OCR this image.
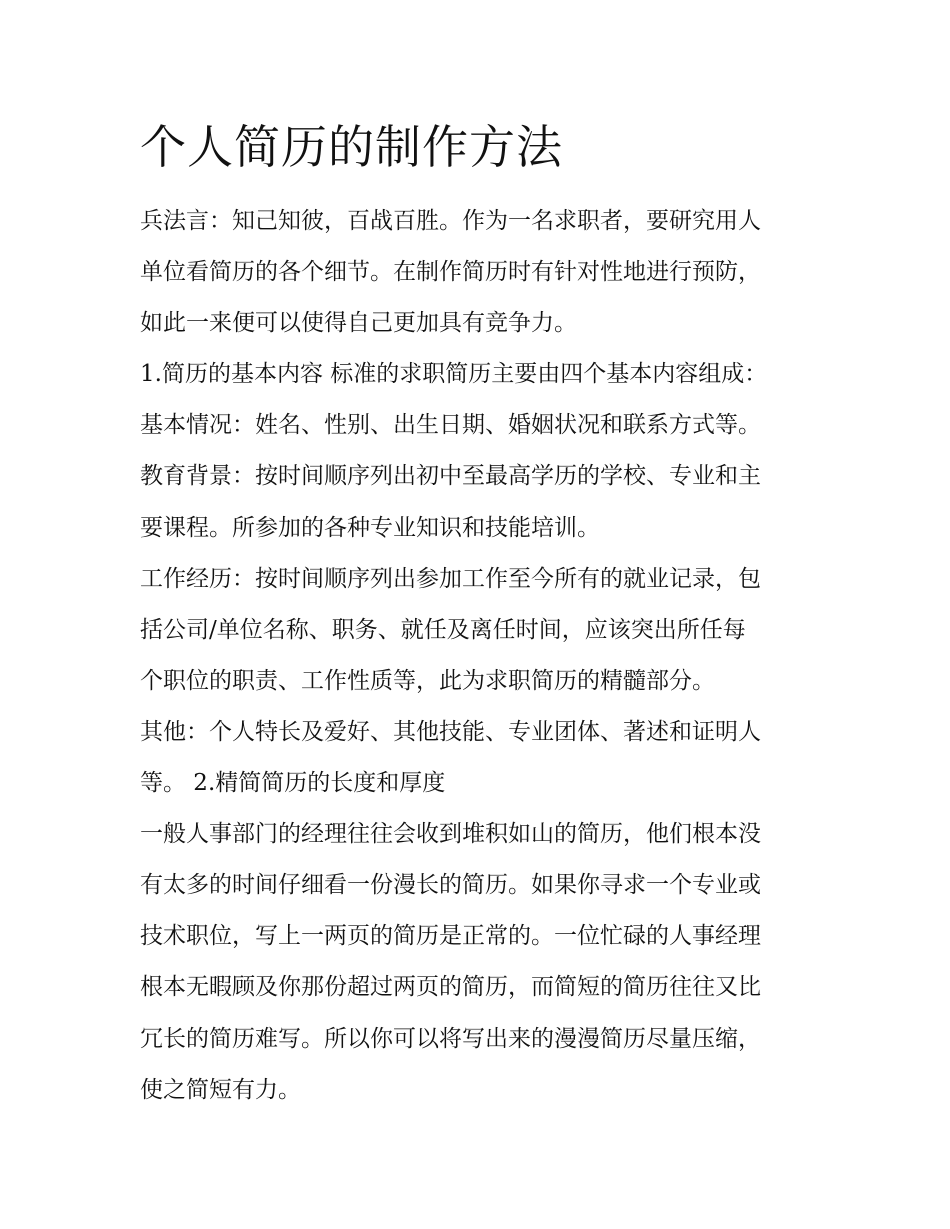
个人简历的制作方法
兵法言：知己知彼，百战百胜。作为一名求职者，要研究用人
单位看简历的各个细节。在制作简历时有针对性地进行预防，
如此一来便可以使得自己更加具有竞争力。
1.简历的基本内容 标准的求职简历主要由四个基本内容组成：
基本情况：姓名、性别、出生日期、婚姻状况和联系方式等。
教育背景：按时间顺序列出初中至最高学历的学校、专业和主
要课程。所参加的各种专业知识和技能培训。
工作经历：按时间顺序列出参加工作至今所有的就业记录，包
括公司/单位名称、职务、就任及离任时间，应该突出所任每
个职位的职责、工作性质等，此为求职简历的精髓部分。
其他：个人特长及爱好、其他技能、专业团体、著述和证明人
等。 2.精简简历的长度和厚度
一般人事部门的经理往往会收到堆积如山的简历，他们根本没
有太多的时间仔细看一份漫长的简历。如果你寻求一个专业或
技术职位，写上一两页的简历是正常的。一位忙碌的人事经理
根本无暇顾及你那份超过两页的简历，而简短的简历往往又比
冗长的简历难写。所以你可以将写出来的漫漫简历尽量压缩，
使之简短有力。
